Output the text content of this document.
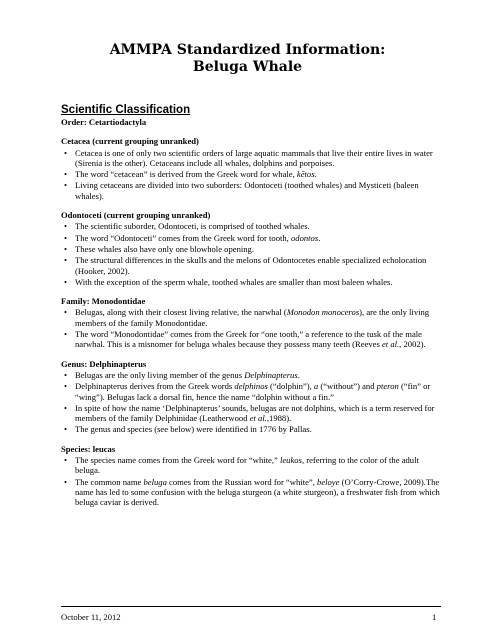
AMMPA Standardized Information:
Beluga Whale
Scientific Classification
Order: Cetartiodactyla
Cetacea (current grouping unranked)
• Cetacea is one of only two scientific orders of large aquatic mammals that live their entire lives in water (Sirenia is the other). Cetaceans include all whales, dolphins and porpoises.
• The word “cetacean” is derived from the Greek word for whale, kētos.
• Living cetaceans are divided into two suborders: Odontoceti (toothed whales) and Mysticeti (baleen whales).
Odontoceti (current grouping unranked)
• The scientific suborder, Odontoceti, is comprised of toothed whales.
• The word “Odontoceti” comes from the Greek word for tooth, odontos.
• These whales also have only one blowhole opening.
• The structural differences in the skulls and the melons of Odontocetes enable specialized echolocation (Hooker, 2002).
• With the exception of the sperm whale, toothed whales are smaller than most baleen whales.
Family: Monodontidae
• Belugas, along with their closest living relative, the narwhal (Monodon monoceros), are the only living members of the family Monodontidae.
• The word “Monodontidae” comes from the Greek for “one tooth,” a reference to the tusk of the male narwhal. This is a misnomer for beluga whales because they possess many teeth (Reeves et al., 2002).
Genus: Delphinapterus
• Belugas are the only living member of the genus Delphinapterus.
• Delphinapterus derives from the Greek words delphinos (“dolphin”), a (“without”) and pteron (“fin” or “wing”). Belugas lack a dorsal fin, hence the name “dolphin without a fin.”
• In spite of how the name ‘Delphinapterus’ sounds, belugas are not dolphins, which is a term reserved for members of the family Delphinidae (Leatherwood et al.,1988).
• The genus and species (see below) were identified in 1776 by Pallas.
Species: leucas
• The species name comes from the Greek word for “white,” leukos, referring to the color of the adult beluga.
• The common name beluga comes from the Russian word for “white”, beloye (O’Corry-Crowe, 2009).The name has led to some confusion with the beluga sturgeon (a white sturgeon), a freshwater fish from which beluga caviar is derived.
October 11, 2012	1
